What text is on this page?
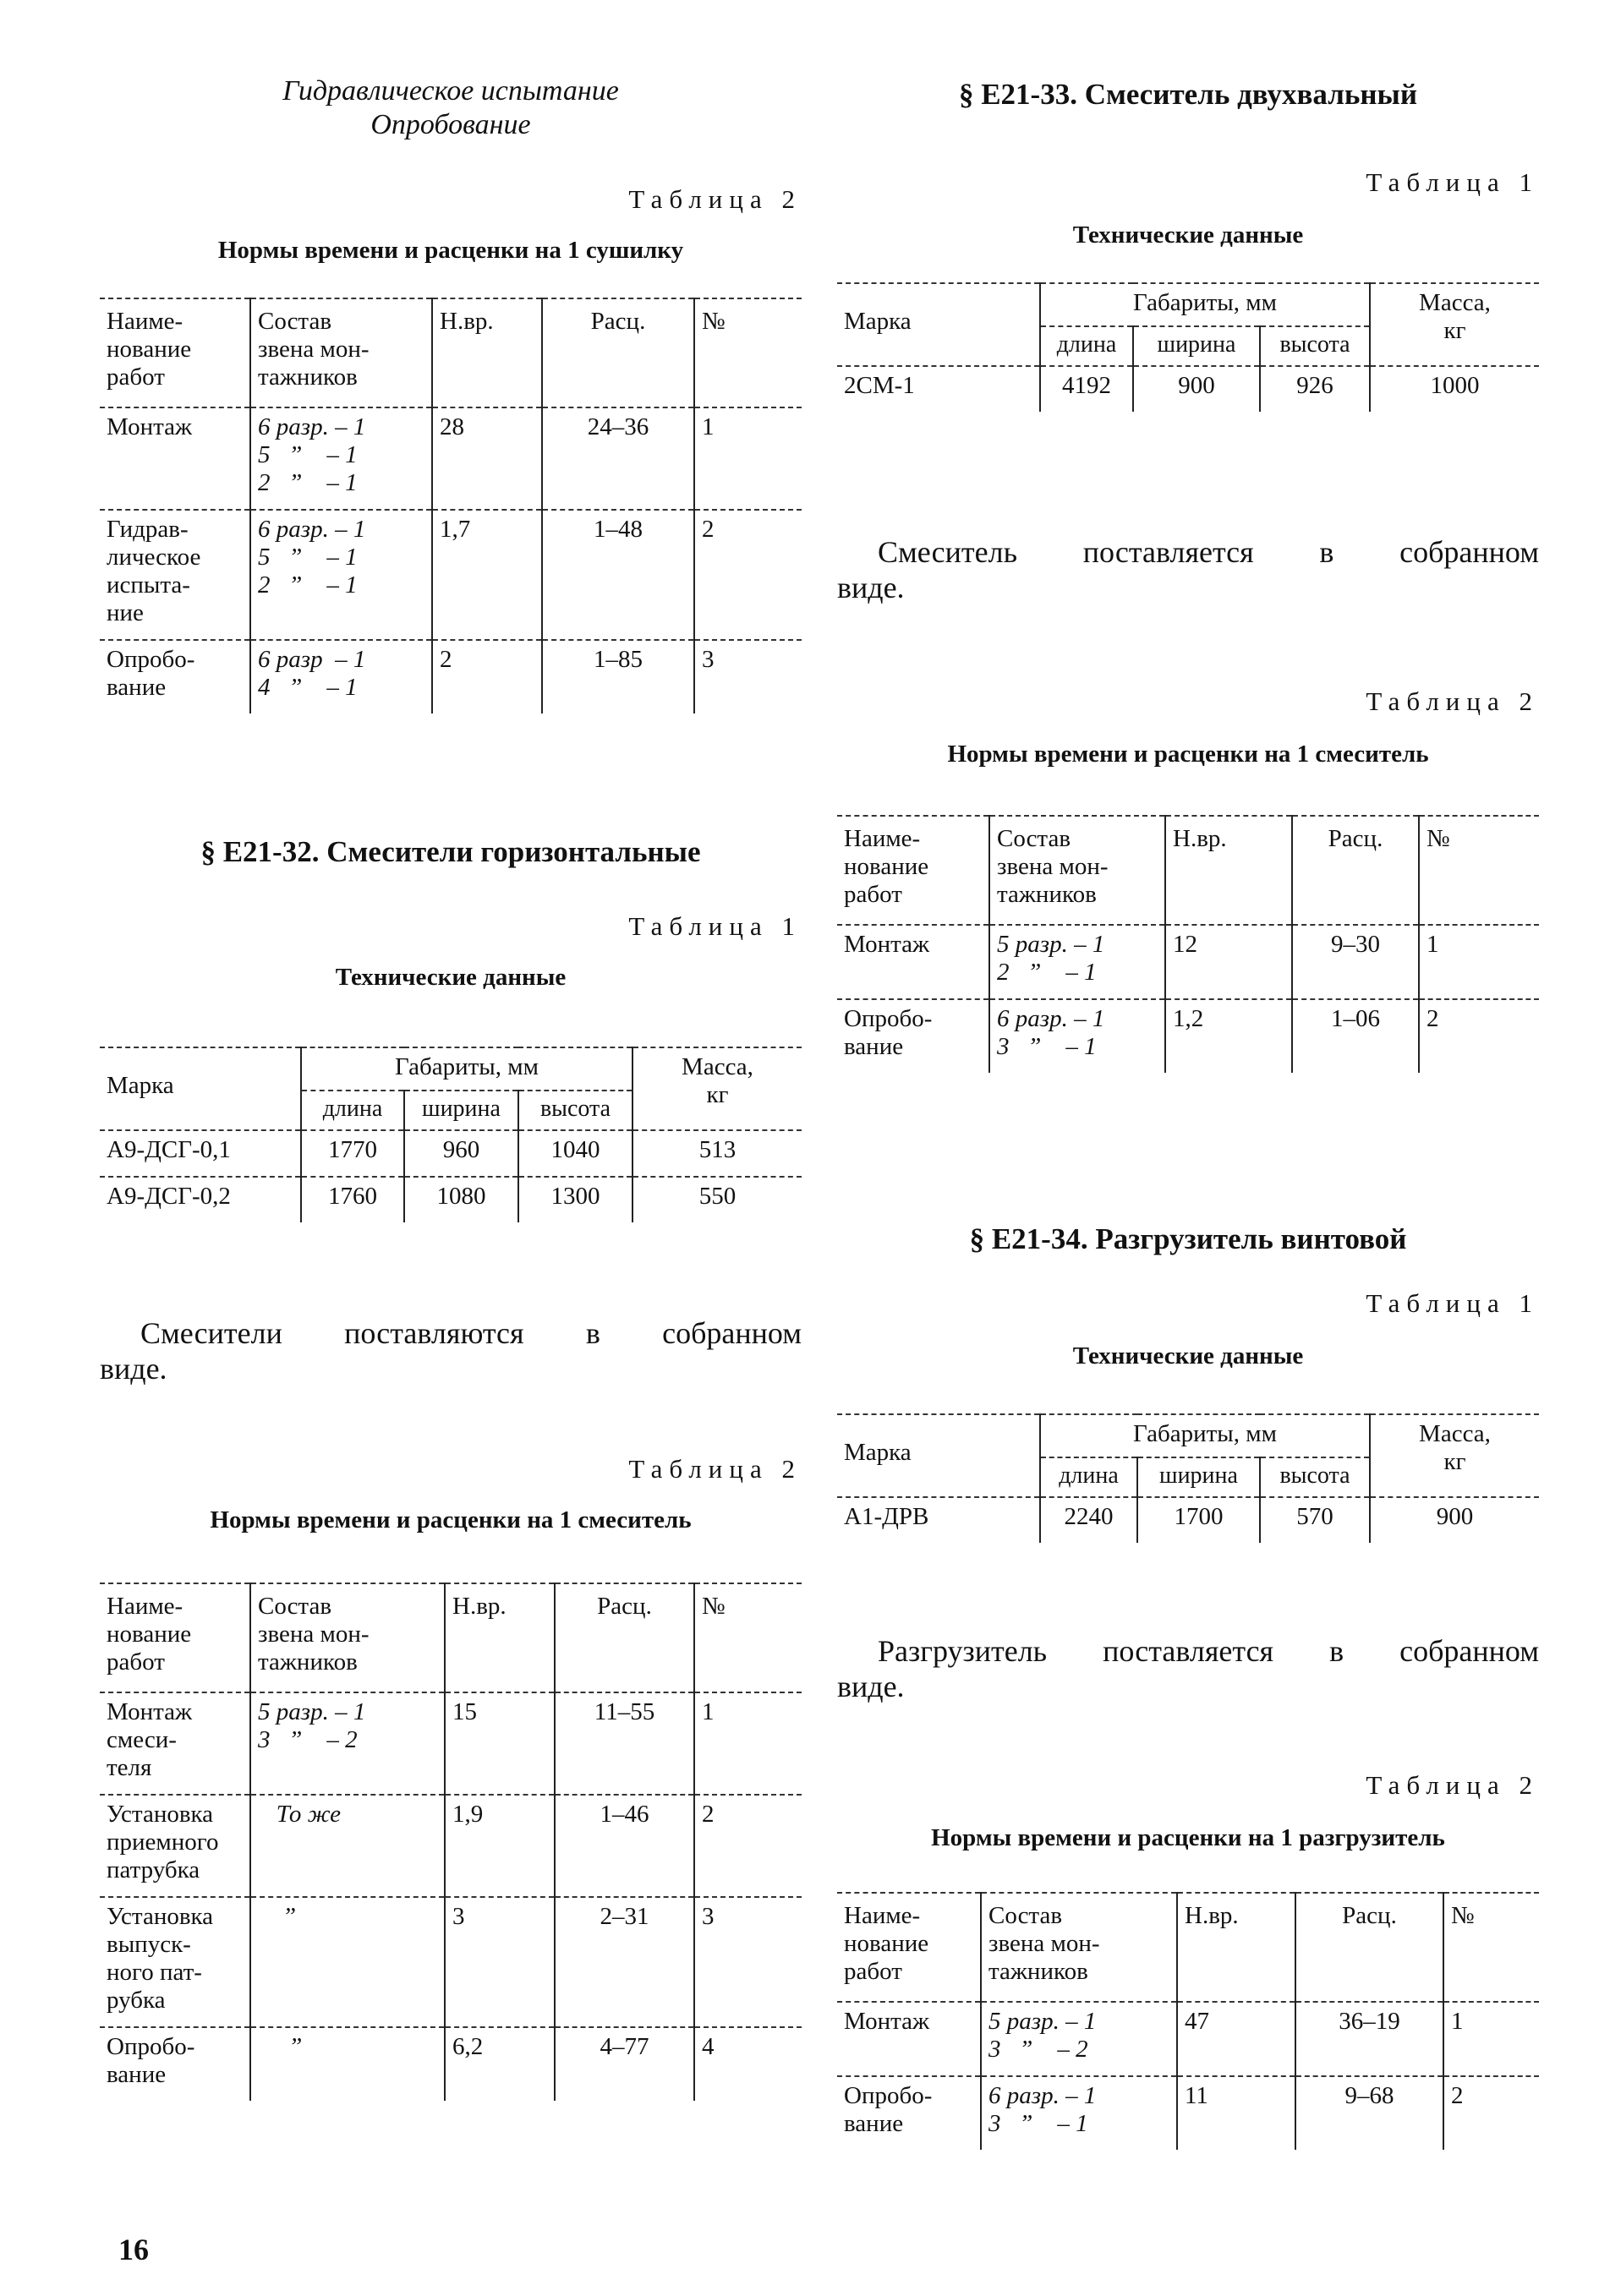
Гидравлическое испытание
Опробование
Таблица 2
Нормы времени и расценки на 1 сушилку
Наиме-
нование
работ	Состав
звена мон-
тажников	Н.вр.	Расц.	№
Монтаж	6 разр. – 1
5   ”    – 1
2   ”    – 1	28	24–36	1
Гидрав-
лическое
испыта-
ние	6 разр. – 1
5   ”    – 1
2   ”    – 1	1,7	1–48	2
Опробо-
вание	6 разр  – 1
4   ”    – 1	2	1–85	3
§ Е21-32. Смесители горизонтальные
Таблица 1
Технические данные
Марка	Габариты, мм			Масса,
кг
	длина	ширина	высота	
А9-ДСГ-0,1	1770	960	1040	513
А9-ДСГ-0,2	1760	1080	1300	550
Смесители поставляются в собранном
виде.
Таблица 2
Нормы времени и расценки на 1 смеситель
Наиме-
нование
работ	Состав
звена мон-
тажников	Н.вр.	Расц.	№
Монтаж
смеси-
теля	5 разр. – 1
3   ”    – 2	15	11–55	1
Установка
приемного
патрубка	То же	1,9	1–46	2
Установка
выпуск-
ного пат-
рубка	”	3	2–31	3
Опробо-
вание	”	6,2	4–77	4
§ Е21-33. Смеситель двухвальный
Таблица 1
Технические данные
Марка	Габариты, мм			Масса,
кг
	длина	ширина	высота	
2СМ-1	4192	900	926	1000
Смеситель поставляется в собранном
виде.
Таблица 2
Нормы времени и расценки на 1 смеситель
Наиме-
нование
работ	Состав
звена мон-
тажников	Н.вр.	Расц.	№
Монтаж	5 разр. – 1
2   ”    – 1	12	9–30	1
Опробо-
вание	6 разр. – 1
3   ”    – 1	1,2	1–06	2
§ Е21-34. Разгрузитель винтовой
Таблица 1
Технические данные
Марка	Габариты, мм			Масса,
кг
	длина	ширина	высота	
А1-ДРВ	2240	1700	570	900
Разгрузитель поставляется в собранном
виде.
Таблица 2
Нормы времени и расценки на 1 разгрузитель
Наиме-
нование
работ	Состав
звена мон-
тажников	Н.вр.	Расц.	№
Монтаж	5 разр. – 1
3   ”    – 2	47	36–19	1
Опробо-
вание	6 разр. – 1
3   ”    – 1	11	9–68	2
16
